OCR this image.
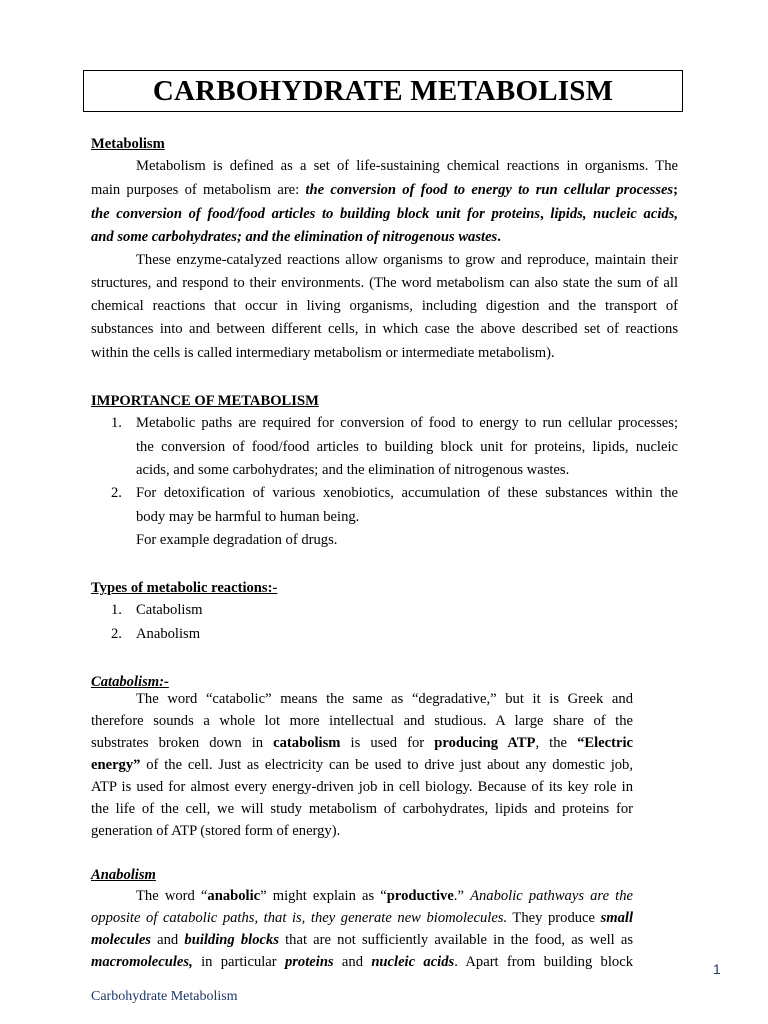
CARBOHYDRATE METABOLISM
Metabolism
Metabolism is defined as a set of life-sustaining chemical reactions in organisms. The
main purposes of metabolism are: the conversion of food to energy to run cellular processes;
the conversion of food/food articles to building block unit for proteins, lipids, nucleic acids,
and some carbohydrates; and the elimination of nitrogenous wastes.
These enzyme-catalyzed reactions allow organisms to grow and reproduce, maintain their
structures, and respond to their environments. (The word metabolism can also state the sum of all
chemical reactions that occur in living organisms, including digestion and the transport of
substances into and between different cells, in which case the above described set of reactions
within the cells is called intermediary metabolism or intermediate metabolism).
IMPORTANCE OF METABOLISM
1. Metabolic paths are required for conversion of food to energy to run cellular processes;
the conversion of food/food articles to building block unit for proteins, lipids, nucleic
acids, and some carbohydrates; and the elimination of nitrogenous wastes.
2. For detoxification of various xenobiotics, accumulation of these substances within the
body may be harmful to human being.
For example degradation of drugs.
Types of metabolic reactions:-
1. Catabolism
2. Anabolism
Catabolism:-
The word “catabolic” means the same as “degradative,” but it is Greek and
therefore sounds a whole lot more intellectual and studious. A large share of the
substrates broken down in catabolism is used for producing ATP, the “Electric
energy” of the cell. Just as electricity can be used to drive just about any domestic job,
ATP is used for almost every energy-driven job in cell biology. Because of its key role in
the life of the cell, we will study metabolism of carbohydrates, lipids and proteins for
generation of ATP (stored form of energy).
Anabolism
The word “anabolic” might explain as “productive.” Anabolic pathways are the
opposite of catabolic paths, that is, they generate new biomolecules. They produce small
molecules and building blocks that are not sufficiently available in the food, as well as
macromolecules, in particular proteins and nucleic acids. Apart from building block	1
Carbohydrate Metabolism
